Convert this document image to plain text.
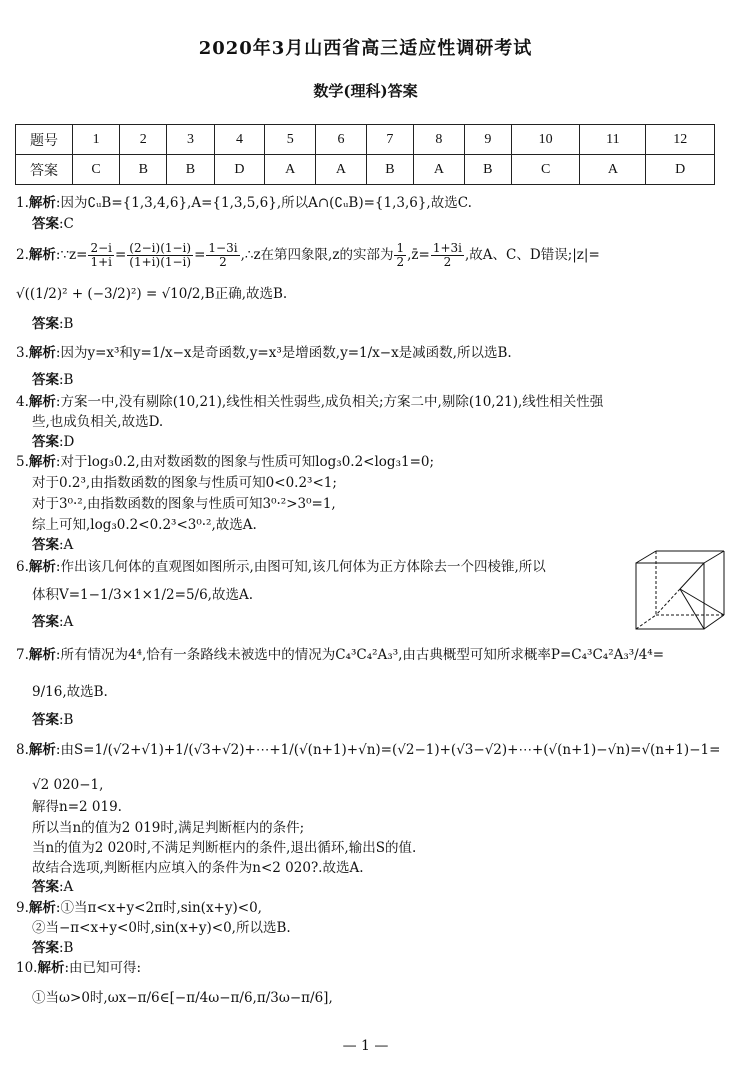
2020年3月山西省高三适应性调研考试
数学(理科)答案
题号	1	2	3	4	5	6	7	8	9	10	11	12
答案	C	B	B	D	A	A	B	A	B	C	A	D
1.解析:因为∁ᵤB={1,3,4,6},A={1,3,5,6},所以A∩(∁ᵤB)={1,3,6},故选C.
答案:C
2.解析:∵z= $\frac{2-i}{1+i} = \frac{(2-i)(1-i)}{(1+i)(1-i)} = \frac{1-3i}{2}$ ,∴z在第四象限,z的实部为 $\frac{1}{2}$ ,z̄= $\frac{1+3i}{2}$ ,故A、C、D错误;|z|=
√((1/2)² + (−3/2)²) = √10/2,B正确,故选B.
答案:B
3.解析:因为y=x³和y=1/x−x是奇函数,y=x³是增函数,y=1/x−x是减函数,所以选B.
答案:B
4.解析:方案一中,没有剔除(10,21),线性相关性弱些,成负相关;方案二中,剔除(10,21),线性相关性强
些,也成负相关,故选D.
答案:D
5.解析:对于log₃0.2,由对数函数的图象与性质可知log₃0.2<log₃1=0;
对于0.2³,由指数函数的图象与性质可知0<0.2³<1;
对于3⁰·²,由指数函数的图象与性质可知3⁰·²>3⁰=1,
综上可知,log₃0.2<0.2³<3⁰·²,故选A.
答案:A
6.解析:作出该几何体的直观图如图所示,由图可知,该几何体为正方体除去一个四棱锥,所以
体积V=1−1/3×1×1/2=5/6,故选A.
答案:A
7.解析:所有情况为4⁴,恰有一条路线未被选中的情况为C₄³C₄²A₃³,由古典概型可知所求概率P=C₄³C₄²A₃³/4⁴=
9/16,故选B.
答案:B
8.解析:由S=1/(√2+√1)+1/(√3+√2)+⋯+1/(√(n+1)+√n)=(√2−1)+(√3−√2)+⋯+(√(n+1)−√n)=√(n+1)−1=
√2 020−1,
解得n=2 019.
所以当n的值为2 019时,满足判断框内的条件;
当n的值为2 020时,不满足判断框内的条件,退出循环,输出S的值.
故结合选项,判断框内应填入的条件为n<2 020?.故选A.
答案:A
9.解析:①当π<x+y<2π时,sin(x+y)<0,
②当−π<x+y<0时,sin(x+y)<0,所以选B.
答案:B
10.解析:由已知可得:
①当ω>0时,ωx−π/6∈[−π/4ω−π/6,π/3ω−π/6],
— 1 —
